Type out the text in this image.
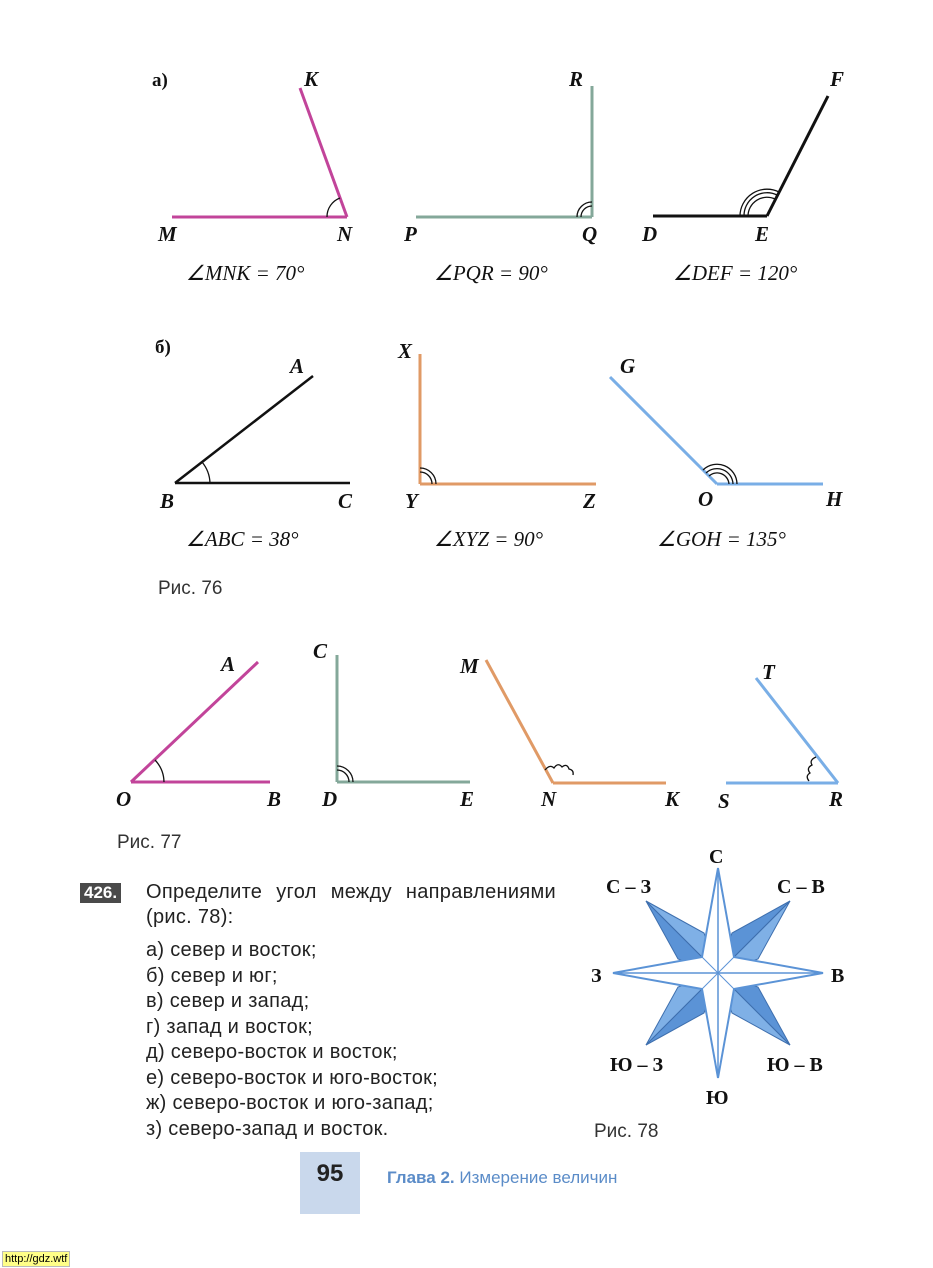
а)	K
M	N
∠MNK = 70°
R
P	Q
∠PQR = 90°
F
D	E
∠DEF = 120°
б)
A
B	C
∠ABC = 38°
X
Y	Z
∠XYZ = 90°
G
O	H
∠GOH = 135°
Рис. 76
A
O	B
C
D	E
M
N	K
T
S	R
Рис. 77
С
С – В
В
Ю – В
Ю
Ю – З
З
С – З
Рис. 78
426. Определите угол между направлениями (рис. 78):
а) север и восток;
б) север и юг;
в) север и запад;
г) запад и восток;
д) северо-восток и восток;
е) северо-восток и юго-восток;
ж) северо-восток и юго-запад;
з) северо-запад и восток.
95	Глава 2. Измерение величин
http://gdz.wtf
